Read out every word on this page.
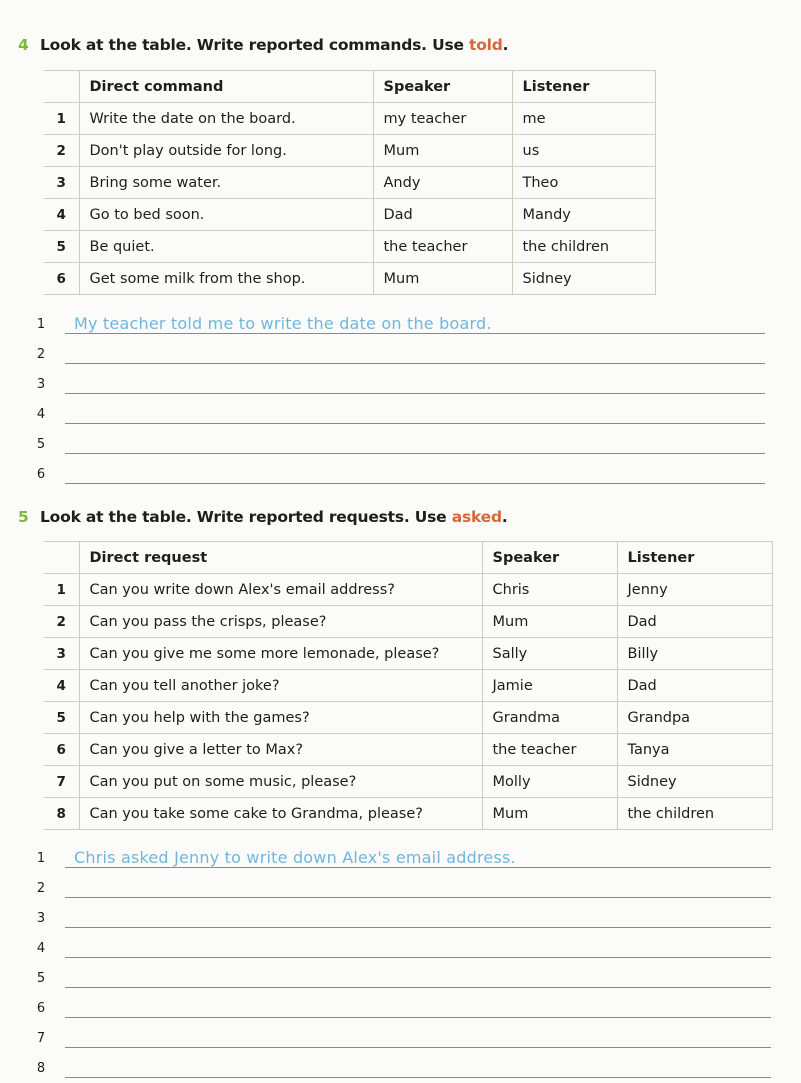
4 Look at the table. Write reported commands. Use told.
	Direct command	Speaker	Listener
1	Write the date on the board.	my teacher	me
2	Don't play outside for long.	Mum	us
3	Bring some water.	Andy	Theo
4	Go to bed soon.	Dad	Mandy
5	Be quiet.	the teacher	the children
6	Get some milk from the shop.	Mum	Sidney
1 My teacher told me to write the date on the board.
2
3
4
5
6
5 Look at the table. Write reported requests. Use asked.
	Direct request	Speaker	Listener
1	Can you write down Alex's email address?	Chris	Jenny
2	Can you pass the crisps, please?	Mum	Dad
3	Can you give me some more lemonade, please?	Sally	Billy
4	Can you tell another joke?	Jamie	Dad
5	Can you help with the games?	Grandma	Grandpa
6	Can you give a letter to Max?	the teacher	Tanya
7	Can you put on some music, please?	Molly	Sidney
8	Can you take some cake to Grandma, please?	Mum	the children
1 Chris asked Jenny to write down Alex's email address.
2
3
4
5
6
7
8
